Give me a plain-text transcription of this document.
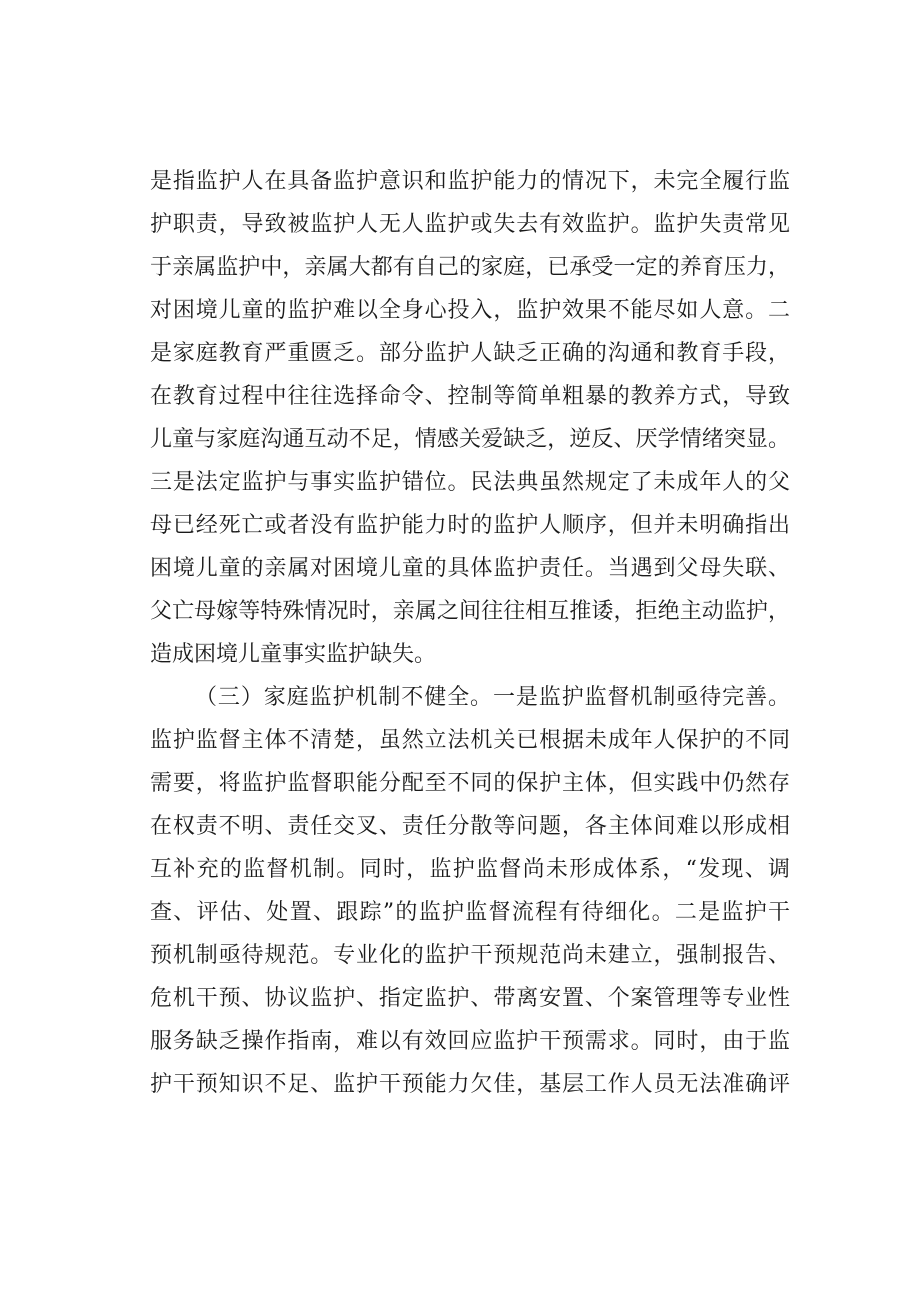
是指监护人在具备监护意识和监护能力的情况下，未完全履行监
护职责，导致被监护人无人监护或失去有效监护。监护失责常见
于亲属监护中，亲属大都有自己的家庭，已承受一定的养育压力，
对困境儿童的监护难以全身心投入，监护效果不能尽如人意。二
是家庭教育严重匮乏。部分监护人缺乏正确的沟通和教育手段，
在教育过程中往往选择命令、控制等简单粗暴的教养方式，导致
儿童与家庭沟通互动不足，情感关爱缺乏，逆反、厌学情绪突显。
三是法定监护与事实监护错位。民法典虽然规定了未成年人的父
母已经死亡或者没有监护能力时的监护人顺序，但并未明确指出
困境儿童的亲属对困境儿童的具体监护责任。当遇到父母失联、
父亡母嫁等特殊情况时，亲属之间往往相互推诿，拒绝主动监护，
造成困境儿童事实监护缺失。
（三）家庭监护机制不健全。一是监护监督机制亟待完善。
监护监督主体不清楚，虽然立法机关已根据未成年人保护的不同
需要，将监护监督职能分配至不同的保护主体，但实践中仍然存
在权责不明、责任交叉、责任分散等问题，各主体间难以形成相
互补充的监督机制。同时，监护监督尚未形成体系，“发现、调
查、评估、处置、跟踪”的监护监督流程有待细化。二是监护干
预机制亟待规范。专业化的监护干预规范尚未建立，强制报告、
危机干预、协议监护、指定监护、带离安置、个案管理等专业性
服务缺乏操作指南，难以有效回应监护干预需求。同时，由于监
护干预知识不足、监护干预能力欠佳，基层工作人员无法准确评
